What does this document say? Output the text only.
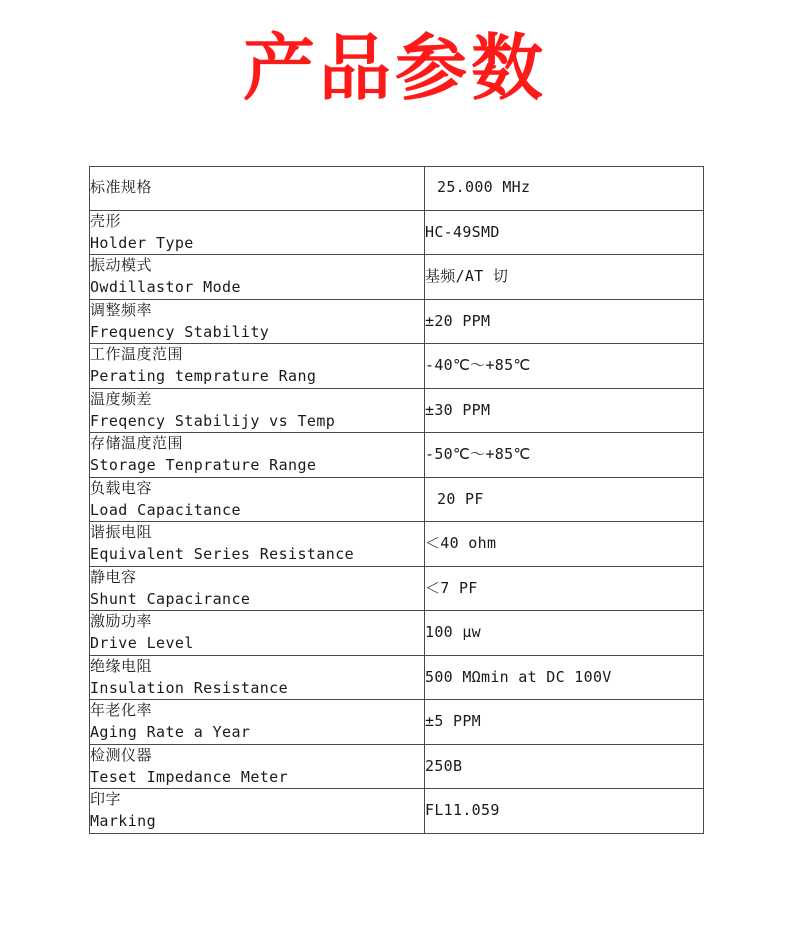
产品参数
标准规格	25.000 MHz

壳形
Holder Type	HC-49SMD

振动模式
Owdillastor Mode	基频/AT 切

调整频率
Frequency Stability	±20 PPM

工作温度范围
Perating temprature Rang	-40℃～+85℃

温度频差
Freqency Stabilijy vs Temp	±30 PPM

存储温度范围
Storage Tenprature Range	-50℃～+85℃

负载电容
Load Capacitance	20 PF

谐振电阻
Equivalent Series Resistance	＜40 ohm

静电容
Shunt Capacirance	＜7 PF

激励功率
Drive Level	100 μw

绝缘电阻
Insulation Resistance	500 MΩmin at DC 100V

年老化率
Aging Rate a Year	±5 PPM

检测仪器
Teset Impedance Meter	250B

印字
Marking	FL11.059
